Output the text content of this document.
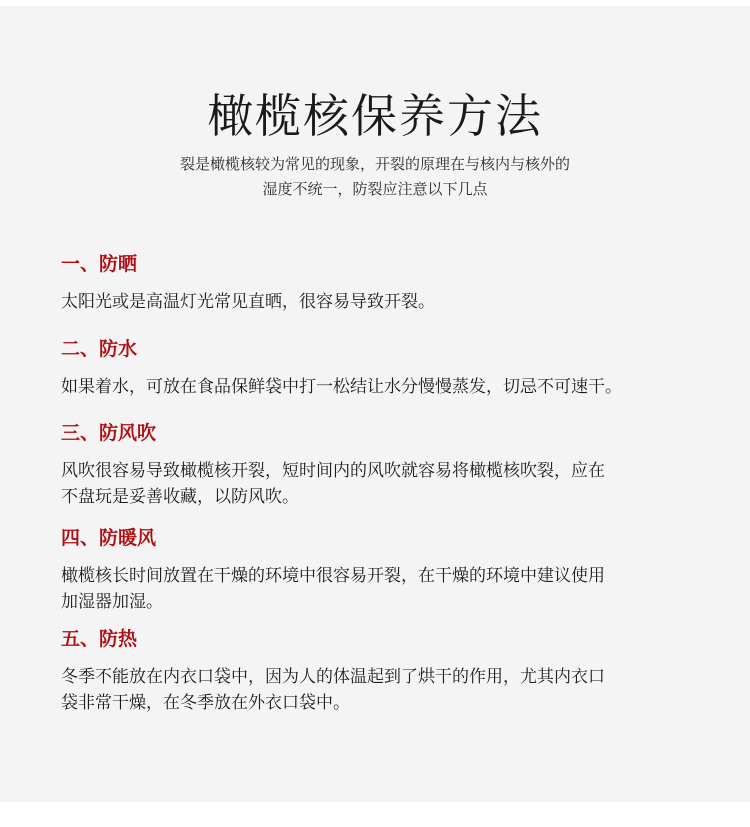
橄榄核保养方法
裂是橄榄核较为常见的现象，开裂的原理在与核内与核外的
湿度不统一，防裂应注意以下几点
一、防晒
太阳光或是高温灯光常见直晒，很容易导致开裂。
二、防水
如果着水，可放在食品保鲜袋中打一松结让水分慢慢蒸发，切忌不可速干。
三、防风吹
风吹很容易导致橄榄核开裂，短时间内的风吹就容易将橄榄核吹裂，应在
不盘玩是妥善收藏，以防风吹。
四、防暖风
橄榄核长时间放置在干燥的环境中很容易开裂，在干燥的环境中建议使用
加湿器加湿。
五、防热
冬季不能放在内衣口袋中，因为人的体温起到了烘干的作用，尤其内衣口
袋非常干燥，在冬季放在外衣口袋中。
